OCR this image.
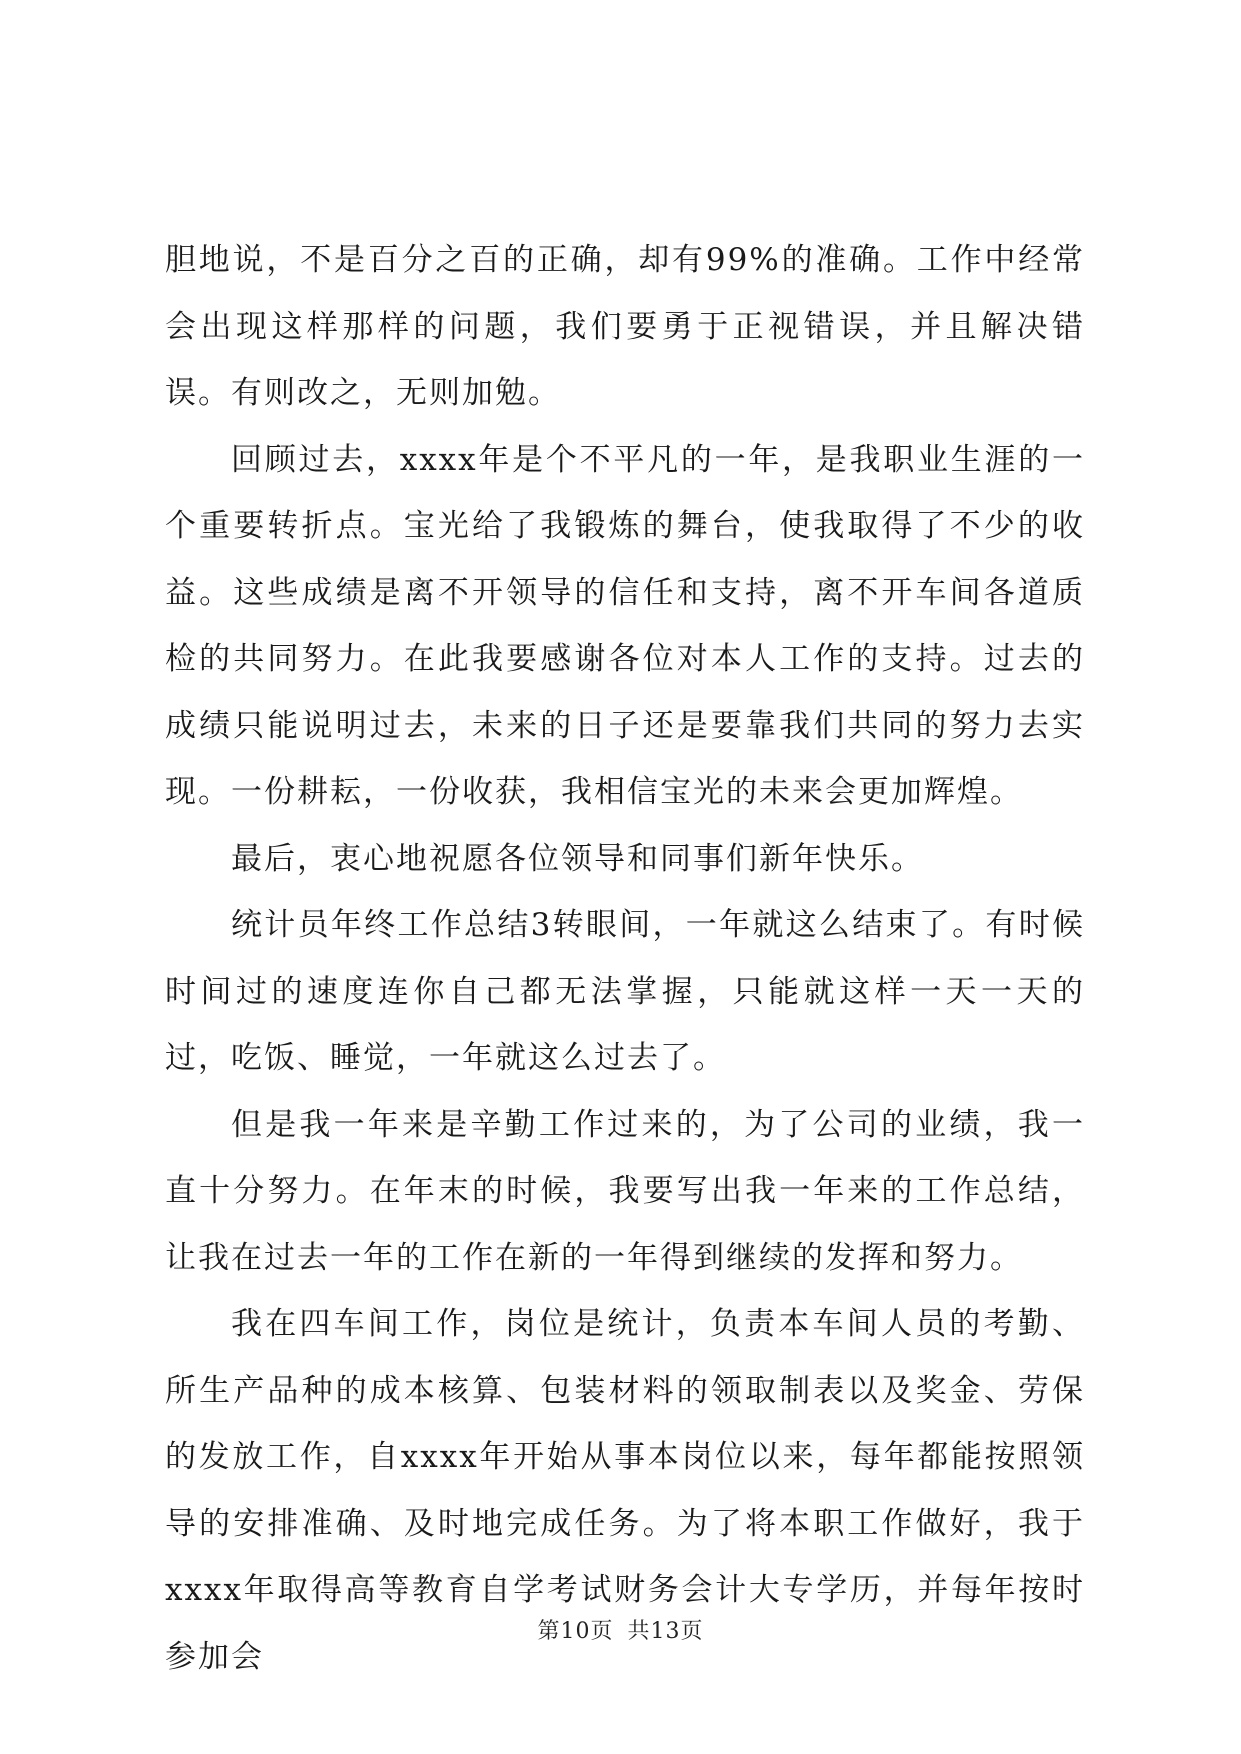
胆地说，不是百分之百的正确，却有99%的准确。工作中经常会出现这样那样的问题，我们要勇于正视错误，并且解决错误。有则改之，无则加勉。

回顾过去，xxxx年是个不平凡的一年，是我职业生涯的一个重要转折点。宝光给了我锻炼的舞台，使我取得了不少的收益。这些成绩是离不开领导的信任和支持，离不开车间各道质检的共同努力。在此我要感谢各位对本人工作的支持。过去的成绩只能说明过去，未来的日子还是要靠我们共同的努力去实现。一份耕耘，一份收获，我相信宝光的未来会更加辉煌。

最后，衷心地祝愿各位领导和同事们新年快乐。

统计员年终工作总结3转眼间，一年就这么结束了。有时候时间过的速度连你自己都无法掌握，只能就这样一天一天的过，吃饭、睡觉，一年就这么过去了。

但是我一年来是辛勤工作过来的，为了公司的业绩，我一直十分努力。在年末的时候，我要写出我一年来的工作总结，让我在过去一年的工作在新的一年得到继续的发挥和努力。

我在四车间工作，岗位是统计，负责本车间人员的考勤、所生产品种的成本核算、包装材料的领取制表以及奖金、劳保的发放工作，自xxxx年开始从事本岗位以来，每年都能按照领导的安排准确、及时地完成任务。为了将本职工作做好，我于xxxx年取得高等教育自学考试财务会计大专学历，并每年按时参加会

第10页 共13页
